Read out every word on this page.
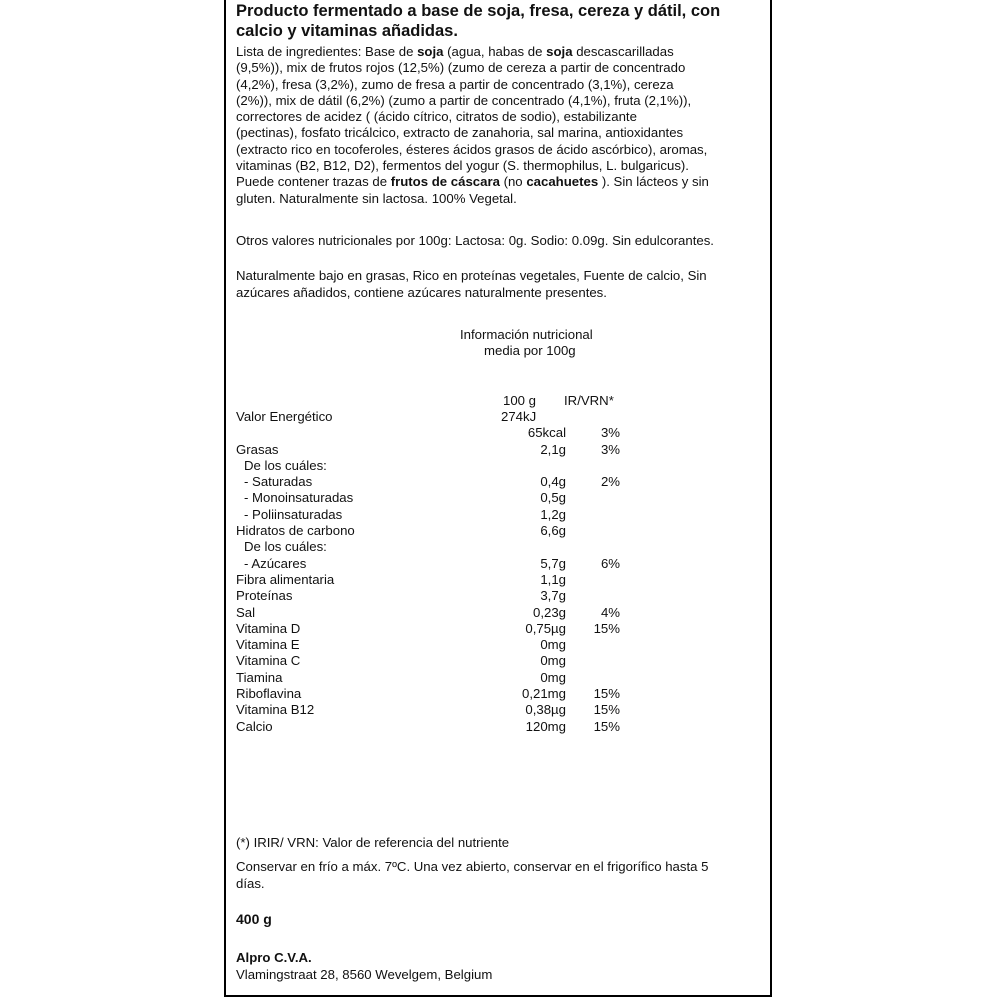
Producto fermentado a base de soja, fresa, cereza y dátil, con
calcio y vitaminas añadidas.
Lista de ingredientes: Base de soja (agua, habas de soja descascarilladas
(9,5%)), mix de frutos rojos (12,5%) (zumo de cereza a partir de concentrado
(4,2%), fresa (3,2%), zumo de fresa a partir de concentrado (3,1%), cereza
(2%)), mix de dátil (6,2%) (zumo a partir de concentrado (4,1%), fruta (2,1%)),
correctores de acidez ( (ácido cítrico, citratos de sodio), estabilizante
(pectinas), fosfato tricálcico, extracto de zanahoria, sal marina, antioxidantes
(extracto rico en tocoferoles, ésteres ácidos grasos de ácido ascórbico), aromas,
vitaminas (B2, B12, D2), fermentos del yogur (S. thermophilus, L. bulgaricus).
Puede contener trazas de frutos de cáscara (no cacahuetes ). Sin lácteos y sin
gluten. Naturalmente sin lactosa. 100% Vegetal.
Otros valores nutricionales por 100g: Lactosa: 0g. Sodio: 0.09g. Sin edulcorantes.
Naturalmente bajo en grasas, Rico en proteínas vegetales, Fuente de calcio, Sin
azúcares añadidos, contiene azúcares naturalmente presentes.
Información nutricional
media por 100g
100 g IR/VRN*
Valor Energético	274kJ
65kcal	3%
Grasas	2,1g	3%
De los cuáles:
- Saturadas	0,4g	2%
- Monoinsaturadas	0,5g
- Poliinsaturadas	1,2g
Hidratos de carbono	6,6g
De los cuáles:
- Azúcares	5,7g	6%
Fibra alimentaria	1,1g
Proteínas	3,7g
Sal	0,23g	4%
Vitamina D	0,75µg 15%
Vitamina E	0mg
Vitamina C	0mg
Tiamina	0mg
Riboflavina	0,21mg 15%
Vitamina B12	0,38µg 15%
Calcio	120mg 15%
(*) IRIR/ VRN: Valor de referencia del nutriente
Conservar en frío a máx. 7ºC. Una vez abierto, conservar en el frigorífico hasta 5
días.
400 g
Alpro C.V.A.
Vlamingstraat 28, 8560 Wevelgem, Belgium
